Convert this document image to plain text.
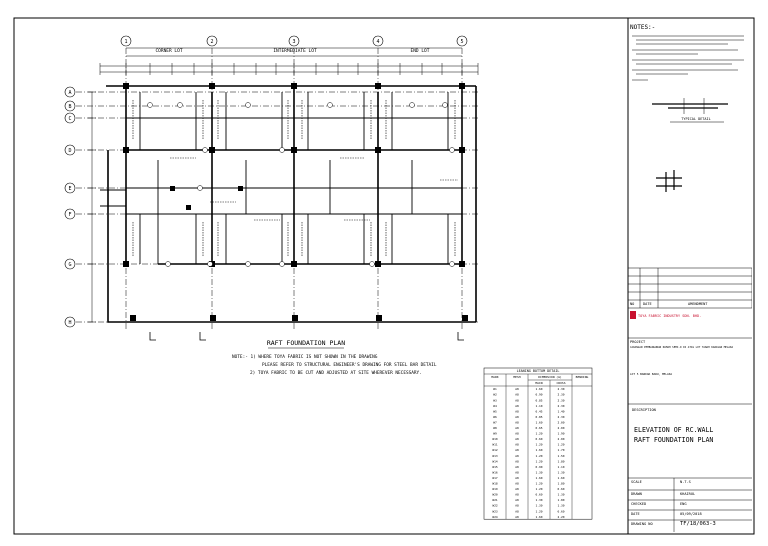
1	2	3	4	5
A
B
C
D
E
F
G
H
CORNER LOT	INTERMEDIATE LOT	END LOT
RAFT FOUNDATION PLAN
NOTE:- 1) WHERE TOYA FABRIC IS NOT SHOWN IN THE DRAWING
PLEASE REFER TO STRUCTURAL ENGINEER'S DRAWING FOR STEEL BAR DETAIL
2) TOYA FABRIC TO BE CUT AND ADJUSTED AT SITE WHEREVER NECESSARY.	LEANING BOTTOM DETAIL
MARK	MESH	DIMENSION (m)	BENDING
MAIN	CROSS
W1	A8	1.60	2.30
W2	A8	0.90	2.30
W3	A8	0.85	2.30
W4	A8	1.10	2.30
W5	A8	0.45	1.40
W6	A8	0.85	2.30
W7	A8	1.60	2.00
W8	A8	0.65	2.00
W9	A8	1.20	1.90
W10	A8	0.60	2.00
W11	A8	1.20	1.20
W12	A8	1.60	1.70
W13	A8	1.20	1.50
W14	A8	1.20	1.80
W15	A8	0.90	1.10
W16	A8	1.30	1.30
W17	A8	1.60	1.60
W18	A8	1.20	1.80
W19	A8	1.20	0.60
W20	A8	0.60	1.30
W21	A8	1.30	1.80
W22	A8	1.30	1.30
W23	A8	1.20	0.60
W24	A8	1.60	2.20
NOTES:-
TYPICAL DETAIL
NO DATE	AMENDMENT
TOYA FABRIC INDUSTRY SDN. BHD.
PROJECT
CADANGAN PEMBANGUNAN RUMAH SEMI-D DI ATAS LOT TANAH KAWASAN MELAKA
LOT 5 BANDAR BARU, MELAKA
DESCRIPTION
ELEVATION OF RC.WALL
RAFT FOUNDATION PLAN
SCALE	N.T.S
DRAWN	KHAIRUL
CHECKED	ENG
DATE	05/09/2018
DRAWING NO	TF/18/063-3
